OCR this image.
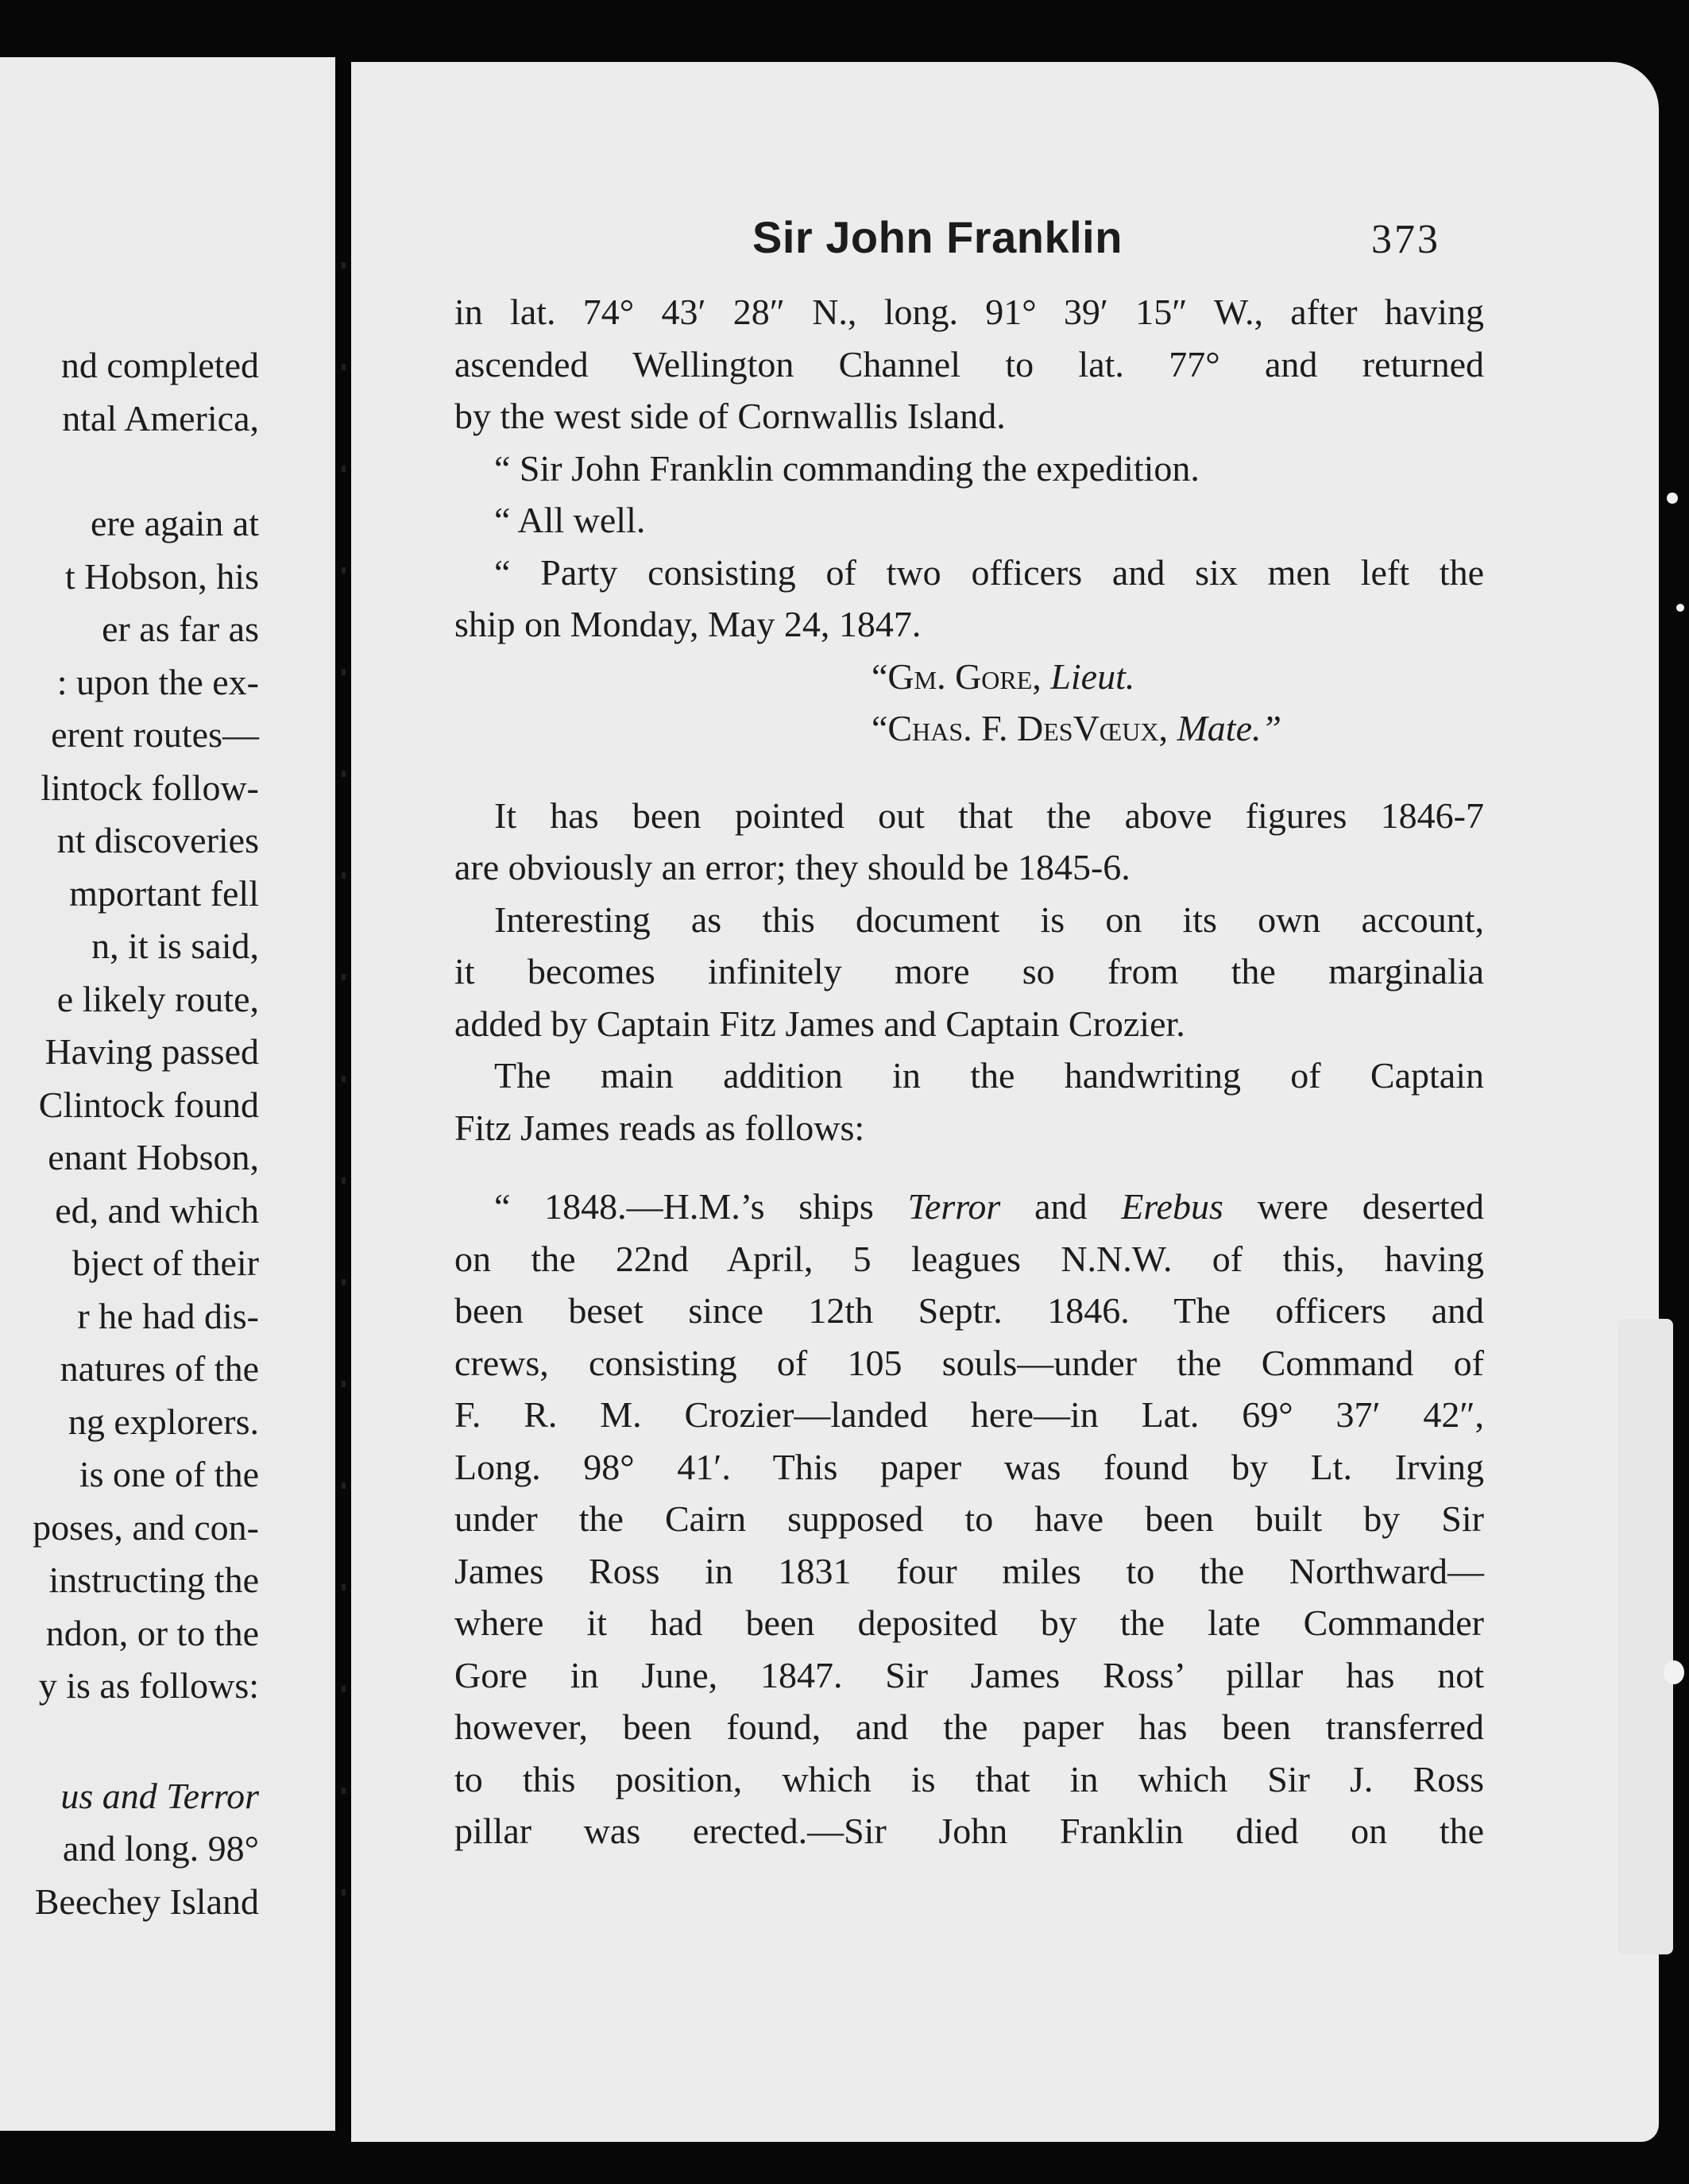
nd completed
ntal America,
ere again at
t Hobson, his
er as far as
: upon the ex-
erent routes—
lintock follow-
nt discoveries
mportant fell
n, it is said,
e likely route,
Having passed
Clintock found
enant Hobson,
ed, and which
bject of their
r he had dis-
natures of the
ng explorers.
is one of the
poses, and con-
instructing the
ndon, or to the
y is as follows:
us and Terror
and long. 98°
Beechey Island
Sir John Franklin	373
in lat. 74° 43′ 28″ N., long. 91° 39′ 15″ W., after having
ascended Wellington Channel to lat. 77° and returned
by the west side of Cornwallis Island.
“ Sir John Franklin commanding the expedition.
“ All well.
“ Party consisting of two officers and six men left the
ship on Monday, May 24, 1847.
“Gm. Gore, Lieut.
“Chas. F. DesVœux, Mate.”
It has been pointed out that the above figures 1846-7
are obviously an error; they should be 1845-6.
Interesting as this document is on its own account,
it becomes infinitely more so from the marginalia
added by Captain Fitz James and Captain Crozier.
The main addition in the handwriting of Captain
Fitz James reads as follows:
“ 1848.—H.M.’s ships Terror and Erebus were deserted
on the 22nd April, 5 leagues N.N.W. of this, having
been beset since 12th Septr. 1846. The officers and
crews, consisting of 105 souls—under the Command of
F. R. M. Crozier—landed here—in Lat. 69° 37′ 42″,
Long. 98° 41′. This paper was found by Lt. Irving
under the Cairn supposed to have been built by Sir
James Ross in 1831 four miles to the Northward—
where it had been deposited by the late Commander
Gore in June, 1847. Sir James Ross’ pillar has not
however, been found, and the paper has been transferred
to this position, which is that in which Sir J. Ross
pillar was erected.—Sir John Franklin died on the
